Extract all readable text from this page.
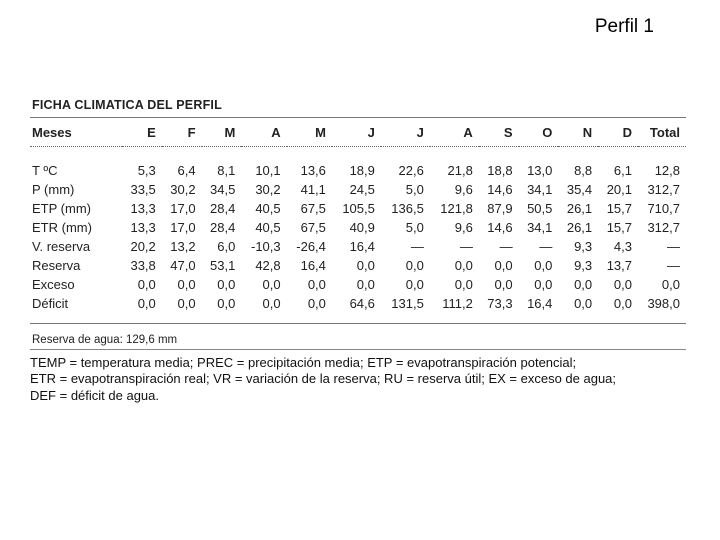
Perfil 1
FICHA CLIMATICA DEL PERFIL
Meses	E	F	M	A	M	J	J	A	S	O	N	D	Total

T ºC	5,3	6,4	8,1	10,1	13,6	18,9	22,6	21,8	18,8	13,0	8,8	6,1	12,8
P (mm)	33,5	30,2	34,5	30,2	41,1	24,5	5,0	9,6	14,6	34,1	35,4	20,1	312,7
ETP (mm)	13,3	17,0	28,4	40,5	67,5	105,5	136,5	121,8	87,9	50,5	26,1	15,7	710,7
ETR (mm)	13,3	17,0	28,4	40,5	67,5	40,9	5,0	9,6	14,6	34,1	26,1	15,7	312,7
V. reserva	20,2	13,2	6,0	-10,3	-26,4	16,4	—	—	—	—	9,3	4,3	—
Reserva	33,8	47,0	53,1	42,8	16,4	0,0	0,0	0,0	0,0	0,0	9,3	13,7	—
Exceso	0,0	0,0	0,0	0,0	0,0	0,0	0,0	0,0	0,0	0,0	0,0	0,0	0,0
Déficit	0,0	0,0	0,0	0,0	0,0	64,6	131,5	111,2	73,3	16,4	0,0	0,0	398,0
Reserva de agua: 129,6 mm
TEMP = temperatura media; PREC = precipitación media; ETP = evapotranspiración potencial;
ETR = evapotranspiración real; VR = variación de la reserva; RU = reserva útil; EX = exceso de agua;
DEF = déficit de agua.
